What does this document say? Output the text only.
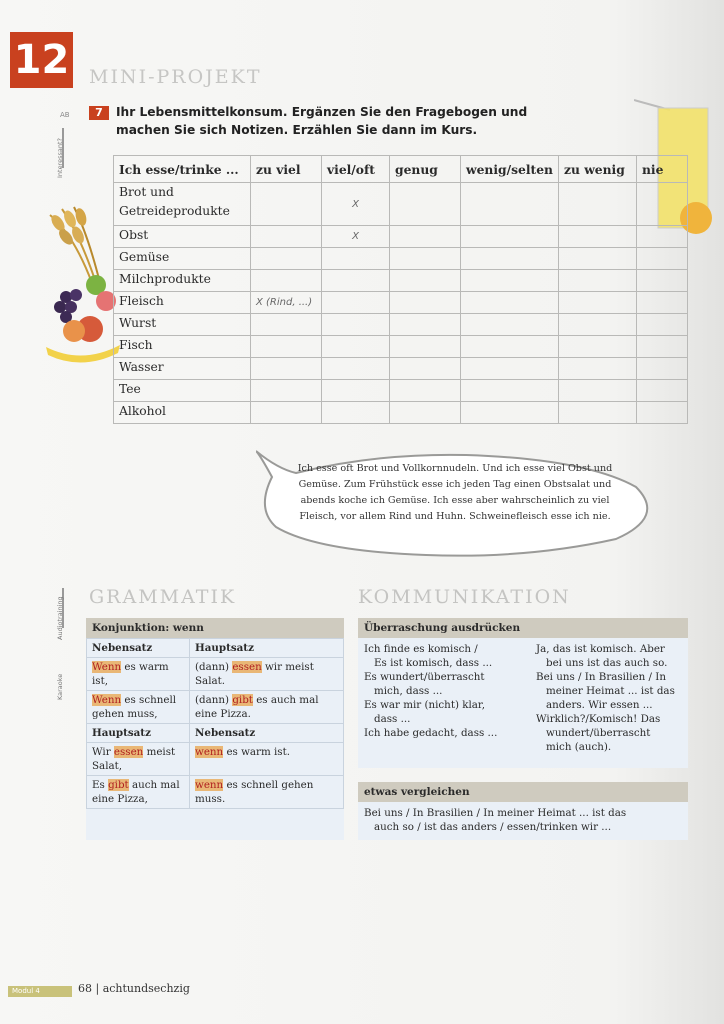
12 MINI-PROJEKT
AB
Interessant?
7	Ihr Lebensmittelkonsum. Ergänzen Sie den Fragebogen und machen Sie sich Notizen. Erzählen Sie dann im Kurs.
Ich esse/trinke ...	zu viel	viel/oft	genug	wenig/selten	zu wenig	nie
Brot und Getreideprodukte		X				
Obst		X				
Gemüse						
Milchprodukte						
Fleisch	X (Rind, ...)					
Wurst						
Fisch						
Wasser						
Tee						
Alkohol						
Ich esse oft Brot und Vollkornnudeln. Und ich esse viel Obst und Gemüse. Zum Frühstück esse ich jeden Tag einen Obstsalat und abends koche ich Gemüse. Ich esse aber wahrscheinlich zu viel Fleisch, vor allem Rind und Huhn. Schweinefleisch esse ich nie.
Audiotraining
Karaoke
GRAMMATIK
Konjunktion: wenn
Nebensatz	Hauptsatz
Wenn es warm ist,	(dann) essen wir meist Salat.
Wenn es schnell gehen muss,	(dann) gibt es auch mal eine Pizza.
Hauptsatz	Nebensatz
Wir essen meist Salat,	wenn es warm ist.
Es gibt auch mal eine Pizza,	wenn es schnell gehen muss.
KOMMUNIKATION
Überraschung ausdrücken
Ich finde es komisch /
Es ist komisch, dass ...
Es wundert/überrascht
mich, dass ...
Es war mir (nicht) klar,
dass ...
Ich habe gedacht, dass ...
Ja, das ist komisch. Aber
bei uns ist das auch so.
Bei uns / In Brasilien / In
meiner Heimat ... ist das
anders. Wir essen ...
Wirklich?/Komisch! Das
wundert/überrascht
mich (auch).
etwas vergleichen
Bei uns / In Brasilien / In meiner Heimat ... ist das
auch so / ist das anders / essen/trinken wir ...
Modul 4	68 | achtundsechzig
